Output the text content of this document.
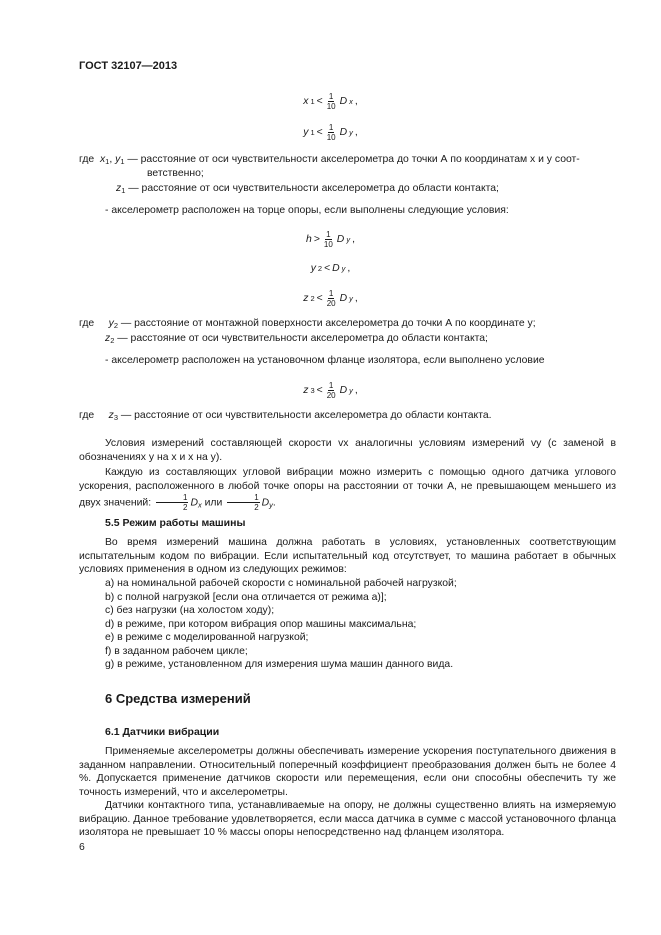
ГОСТ 32107—2013
x $1 < \frac{1}{10}$ D x ,
y $1 < \frac{1}{10}$ D y ,
где  $x_1$, $y_1$ — расстояние от оси чувствительности акселерометра до точки А по координатам x и y соот-
ветственно;
$z_1$ — расстояние от оси чувствительности акселерометра до области контакта;
- акселерометр расположен на торце опоры, если выполнены следующие условия:
$h > \frac{1}{10}$ D y ,
y 2 < D y ,
z $2 < \frac{1}{20}$ D y ,
где $y_2$ — расстояние от монтажной поверхности акселерометра до точки А по координате y;
$z_2$ — расстояние от оси чувствительности акселерометра до области контакта;
- акселерометр расположен на установочном фланце изолятора, если выполнено условие
z $3 < \frac{1}{20}$ D y ,
где $z_3$ — расстояние от оси чувствительности акселерометра до области контакта.
Условия измерений составляющей скорости vx аналогичны условиям измерений vy (с заменой в обозначениях y на x и x на y).
Каждую из составляющих угловой вибрации можно измерить с помощью одного датчика углового ускорения, расположенного в любой точке опоры на расстоянии от точки А, не превышающем меньшего из двух значений: $\frac{1}{2} D_x$ или $\frac{1}{2} D_y$.
5.5 Режим работы машины
Во время измерений машина должна работать в условиях, установленных соответствующим испытательным кодом по вибрации. Если испытательный код отсутствует, то машина работает в обычных условиях применения в одном из следующих режимов:
a) на номинальной рабочей скорости с номинальной рабочей нагрузкой;
b) с полной нагрузкой [если она отличается от режима а)];
c) без нагрузки (на холостом ходу);
d) в режиме, при котором вибрация опор машины максимальна;
e) в режиме с моделированной нагрузкой;
f) в заданном рабочем цикле;
g) в режиме, установленном для измерения шума машин данного вида.
6 Средства измерений
6.1 Датчики вибрации
Применяемые акселерометры должны обеспечивать измерение ускорения поступательного движения в заданном направлении. Относительный поперечный коэффициент преобразования должен быть не более 4 %. Допускается применение датчиков скорости или перемещения, если они способны обеспечить ту же точность измерений, что и акселерометры.
Датчики контактного типа, устанавливаемые на опору, не должны существенно влиять на измеряемую вибрацию. Данное требование удовлетворяется, если масса датчика в сумме с массой установочного фланца изолятора не превышает 10 % массы опоры непосредственно над фланцем изолятора.
6
